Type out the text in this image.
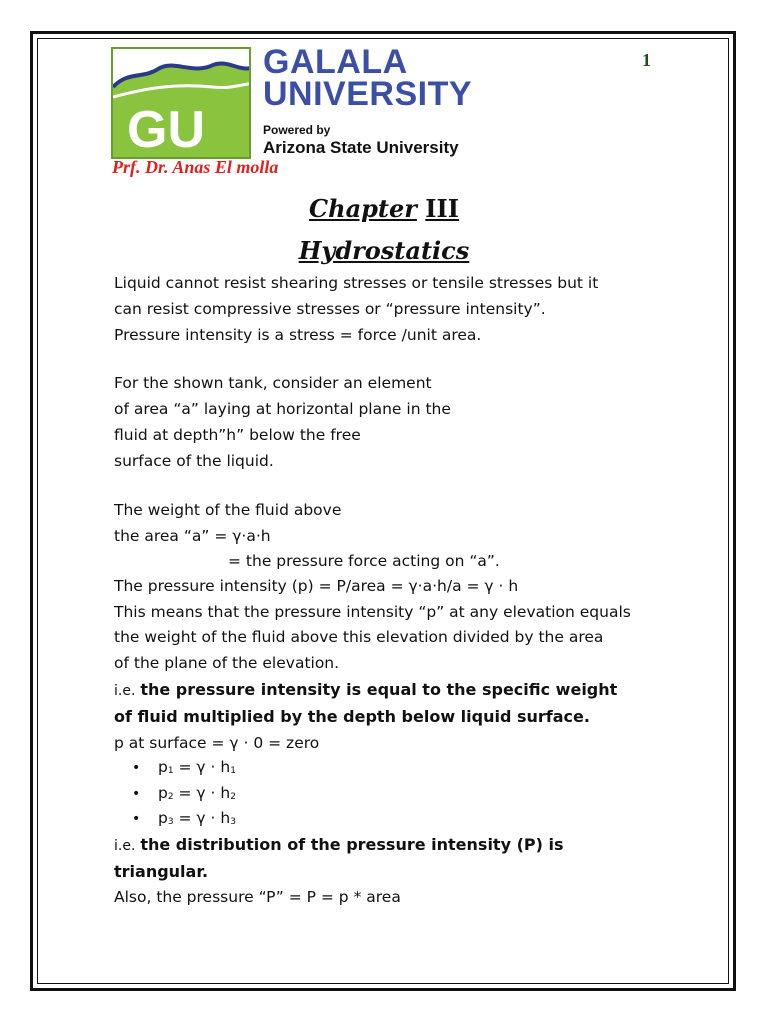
1
GU
GALALA
UNIVERSITY
Powered by
Arizona State University
Prf. Dr. Anas El molla
Chapter III
Hydrostatics
Liquid cannot resist shearing stresses or tensile stresses but it
can resist compressive stresses or “pressure intensity”.
Pressure intensity is a stress = force /unit area.
For the shown tank, consider an element
of area “a” laying at horizontal plane in the
fluid at depth”h” below the free
surface of the liquid.
The weight of the fluid above
the area “a” = γ·a·h
= the pressure force acting on “a”.
The pressure intensity (p) = P/area = γ·a·h/a = γ · h
This means that the pressure intensity “p” at any elevation equals
the weight of the fluid above this elevation divided by the area
of the plane of the elevation.
i.e. the pressure intensity is equal to the specific weight
of fluid multiplied by the depth below liquid surface.
p at surface = γ · 0 = zero
• $p_1 = \gamma \cdot h_1$
• $p_2 = \gamma \cdot h_2$
• $p_3 = \gamma \cdot h_3$
i.e. the distribution of the pressure intensity (P) is
triangular.
Also, the pressure “P” = P = p * area
